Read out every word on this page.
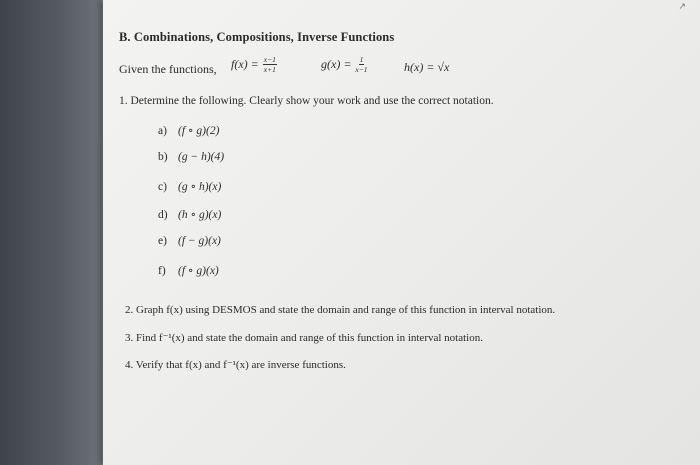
↗
B. Combinations, Compositions, Inverse Functions
Given the functions, $f(x) = \frac{x-1}{x+1}$	$g(x) = \frac{1}{x-1}$	h(x) = √x
1. Determine the following. Clearly show your work and use the correct notation.
a) (f ∘ g)(2)
b) (g − h)(4)
c) (g ∘ h)(x)
d) (h ∘ g)(x)
e) (f − g)(x)
f) (f ∘ g)(x)
2. Graph f(x) using DESMOS and state the domain and range of this function in interval notation.
3. Find f⁻¹(x) and state the domain and range of this function in interval notation.
4. Verify that f(x) and f⁻¹(x) are inverse functions.
